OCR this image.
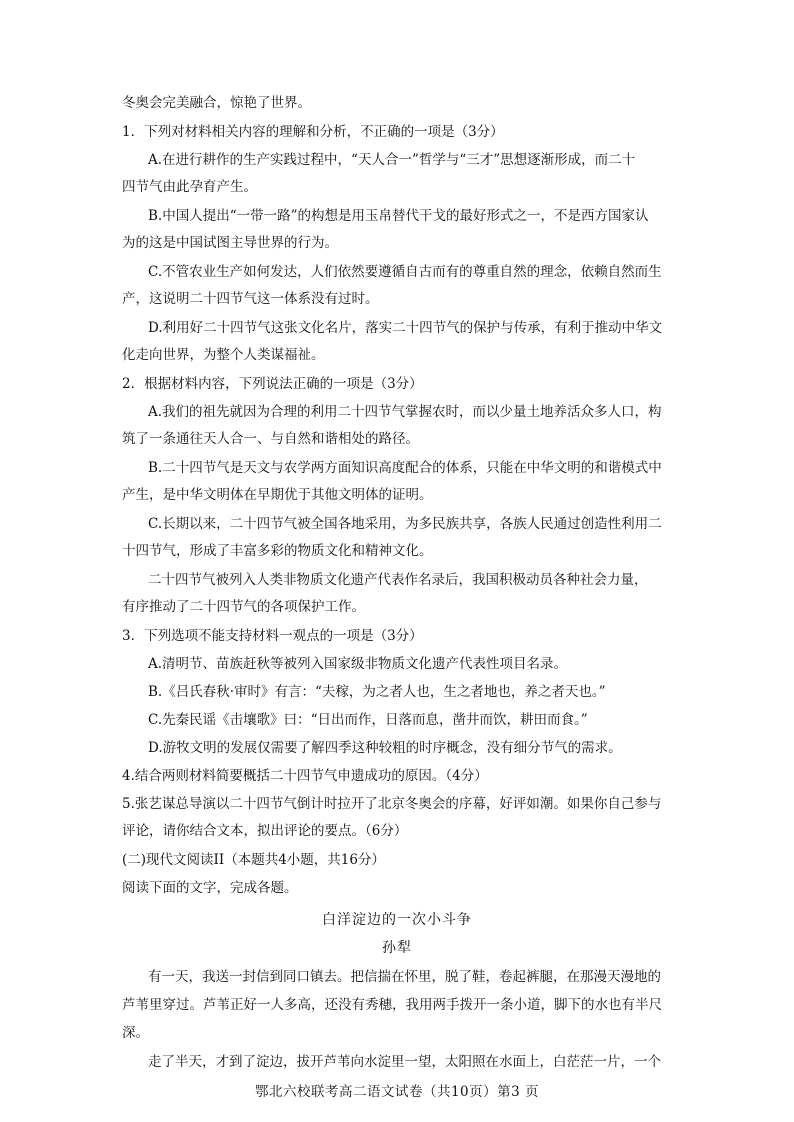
冬奥会完美融合，惊艳了世界。
1．下列对材料相关内容的理解和分析，不正确的一项是（3分）
A.在进行耕作的生产实践过程中，“天人合一”哲学与“三才”思想逐渐形成，而二十
四节气由此孕育产生。
B.中国人提出“一带一路”的构想是用玉帛替代干戈的最好形式之一，不是西方国家认
为的这是中国试图主导世界的行为。
C.不管农业生产如何发达，人们依然要遵循自古而有的尊重自然的理念，依赖自然而生
产，这说明二十四节气这一体系没有过时。
D.利用好二十四节气这张文化名片，落实二十四节气的保护与传承，有利于推动中华文
化走向世界，为整个人类谋福祉。
2．根据材料内容，下列说法正确的一项是（3分）
A.我们的祖先就因为合理的利用二十四节气掌握农时，而以少量土地养活众多人口，构
筑了一条通往天人合一、与自然和谐相处的路径。
B.二十四节气是天文与农学两方面知识高度配合的体系，只能在中华文明的和谐模式中
产生，是中华文明体在早期优于其他文明体的证明。
C.长期以来，二十四节气被全国各地采用，为多民族共享，各族人民通过创造性利用二
十四节气，形成了丰富多彩的物质文化和精神文化。
二十四节气被列入人类非物质文化遗产代表作名录后，我国积极动员各种社会力量，
有序推动了二十四节气的各项保护工作。
3．下列选项不能支持材料一观点的一项是（3分）
A.清明节、苗族赶秋等被列入国家级非物质文化遗产代表性项目名录。
B.《吕氏春秋·审时》有言：“夫稼，为之者人也，生之者地也，养之者天也。”
C.先秦民谣《击壤歌》曰：“日出而作，日落而息，凿井而饮，耕田而食。”
D.游牧文明的发展仅需要了解四季这种较粗的时序概念，没有细分节气的需求。
4.结合两则材料简要概括二十四节气申遗成功的原因。（4分）
5.张艺谋总导演以二十四节气倒计时拉开了北京冬奥会的序幕，好评如潮。如果你自己参与
评论，请你结合文本，拟出评论的要点。（6分）
(二)现代文阅读II（本题共4小题，共16分）
阅读下面的文字，完成各题。
白洋淀边的一次小斗争
孙犁
有一天，我送一封信到同口镇去。把信揣在怀里，脱了鞋，卷起裤腿，在那漫天漫地的
芦苇里穿过。芦苇正好一人多高，还没有秀穗，我用两手拨开一条小道，脚下的水也有半尺
深。
走了半天，才到了淀边，拔开芦苇向水淀里一望，太阳照在水面上，白茫茫一片，一个
鄂北六校联考高二语文试卷（共10页）第3 页
